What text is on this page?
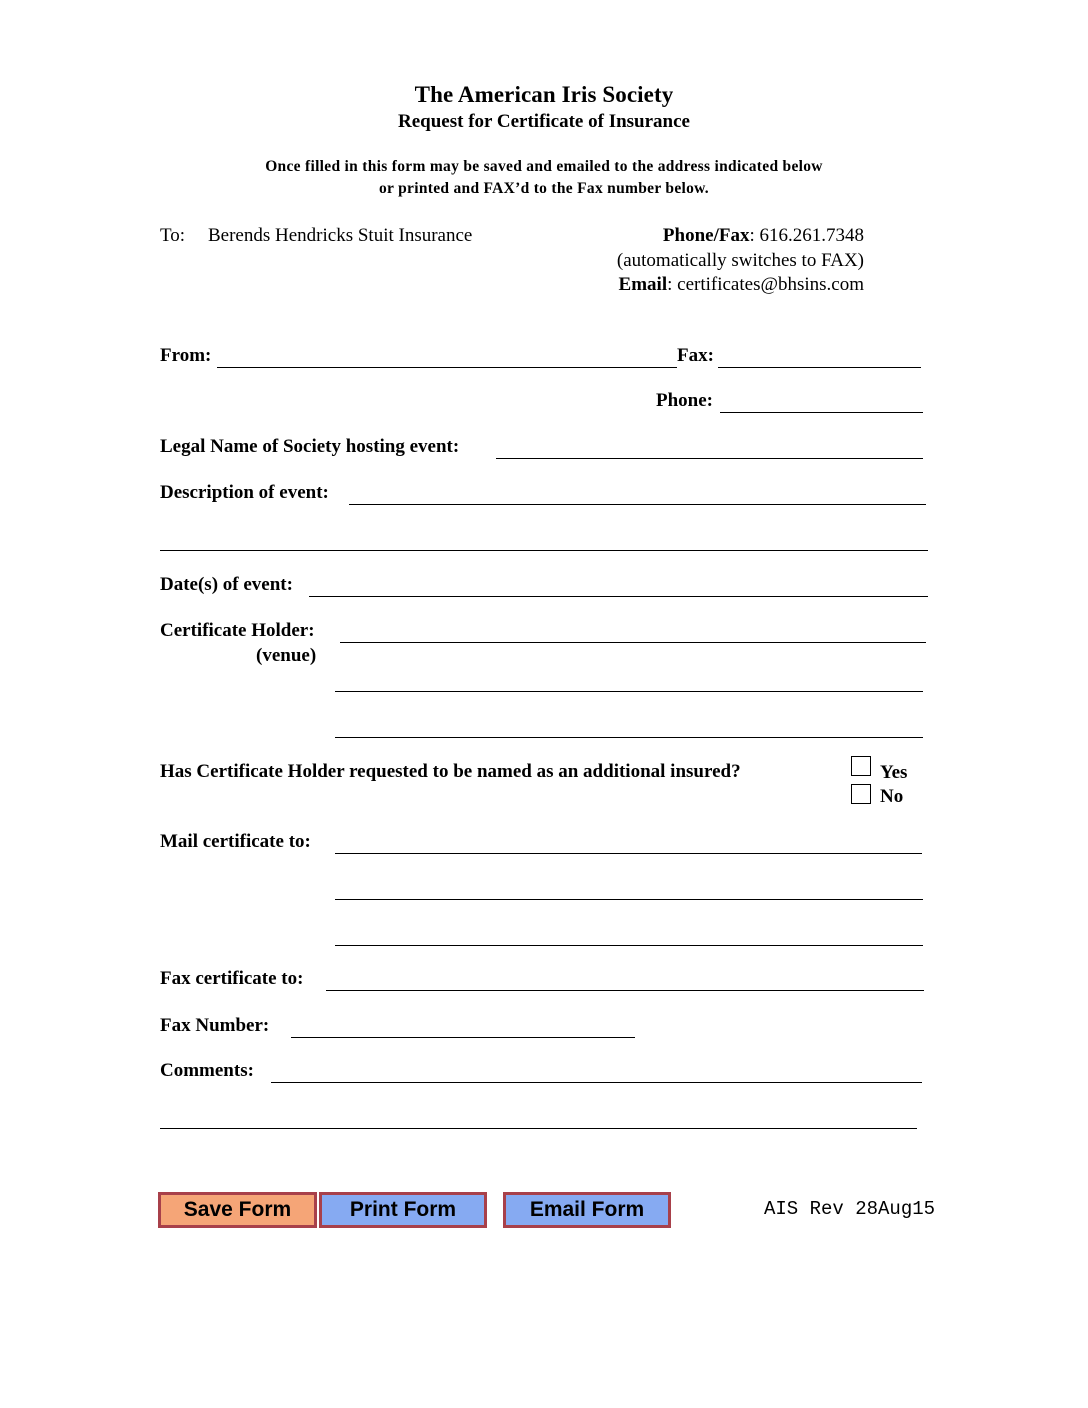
The American Iris Society
Request for Certificate of Insurance
Once filled in this form may be saved and emailed to the address indicated below
or printed and FAX’d to the Fax number below.
To: Berends Hendricks Stuit Insurance	Phone/Fax: 616.261.7348
(automatically switches to FAX)
Email: certificates@bhsins.com
From:	Fax:
Phone:
Legal Name of Society hosting event:
Description of event:
Date(s) of event:
Certificate Holder:
(venue)
Has Certificate Holder requested to be named as an additional insured?	Yes
No
Mail certificate to:
Fax certificate to:
Fax Number:
Comments:
Save Form	Print Form	Email Form	AIS Rev 28Aug15
